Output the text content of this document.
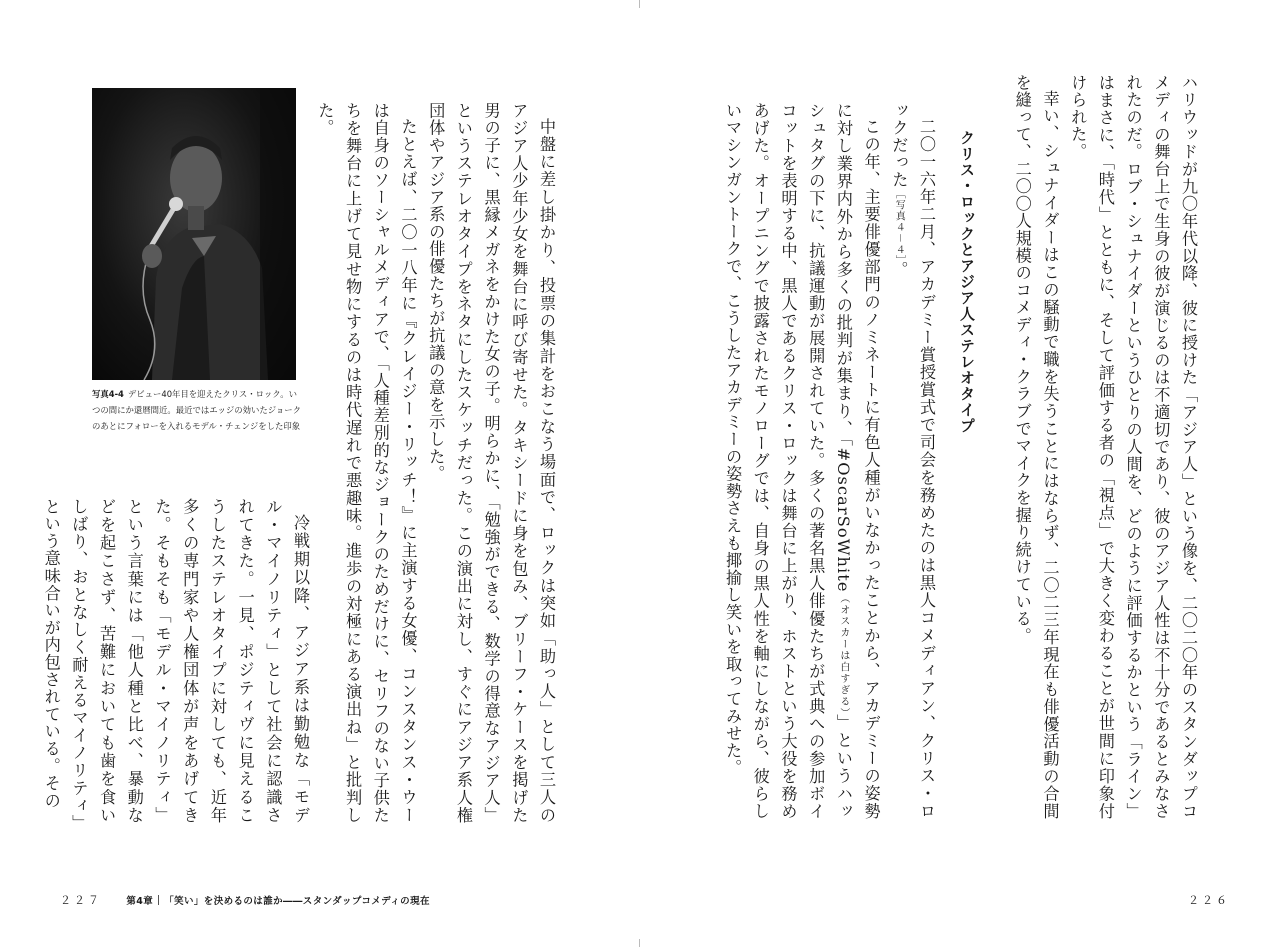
ハリウッドが九〇年代以降、彼に授けた「アジア人」という像を、二〇二〇年のスタンダップコメディの舞台上で生身の彼が演じるのは不適切であり、彼のアジア人性は不十分であるとみなされたのだ。ロブ・シュナイダーというひとりの人間を、どのように評価するかという「ライン」はまさに、「時代」とともに、そして評価する者の「視点」で大きく変わることが世間に印象付けられた。

幸い、シュナイダーはこの騒動で職を失うことにはならず、二〇二三年現在も俳優活動の合間を縫って、二〇〇人規模のコメディ・クラブでマイクを握り続けている。

クリス・ロックとアジア人ステレオタイプ

二〇一六年二月、アカデミー賞授賞式で司会を務めたのは黒人コメディアン、クリス・ロックだった［写真４－４］。

この年、主要俳優部門のノミネートに有色人種がいなかったことから、アカデミーの姿勢に対し業界内外から多くの批判が集まり、「#OscarSoWhite（オスカーは白すぎる）」というハッシュタグの下に、抗議運動が展開されていた。多くの著名黒人俳優たちが式典への参加ボイコットを表明する中、黒人であるクリス・ロックは舞台に上がり、ホストという大役を務めあげた。オープニングで披露されたモノローグでは、自身の黒人性を軸にしながら、彼らしいマシンガントークで、こうしたアカデミーの姿勢さえも揶揄し笑いを取ってみせた。

２２６

中盤に差し掛かり、投票の集計をおこなう場面で、ロックは突如「助っ人」として三人のアジア人少年少女を舞台に呼び寄せた。タキシードに身を包み、ブリーフ・ケースを掲げた男の子に、黒縁メガネをかけた女の子。明らかに、「勉強ができる、数学の得意なアジア人」というステレオタイプをネタにしたスケッチだった。この演出に対し、すぐにアジア系人権団体やアジア系の俳優たちが抗議の意を示した。

たとえば、二〇一八年に『クレイジー・リッチ！』に主演する女優、コンスタンス・ウーは自身のソーシャルメディアで、「人種差別的なジョークのためだけに、セリフのない子供たちを舞台に上げて見せ物にするのは時代遅れで悪趣味。進歩の対極にある演出ね」と批判した。

冷戦期以降、アジア系は勤勉な「モデル・マイノリティ」として社会に認識されてきた。一見、ポジティヴに見えるこうしたステレオタイプに対しても、近年多くの専門家や人権団体が声をあげてきた。そもそも「モデル・マイノリティ」という言葉には「他人種と比べ、暴動などを起こさず、苦難においても歯を食いしばり、おとなしく耐えるマイノリティ」という意味合いが内包されている。その

写真4-4 デビュー40年目を迎えたクリス・ロック。いつの間にか還暦間近。最近ではエッジの効いたジョークのあとにフォローを入れるモデル・チェンジをした印象
２２７	第4章 「笑い」を決めるのは誰か――スタンダップコメディの現在
